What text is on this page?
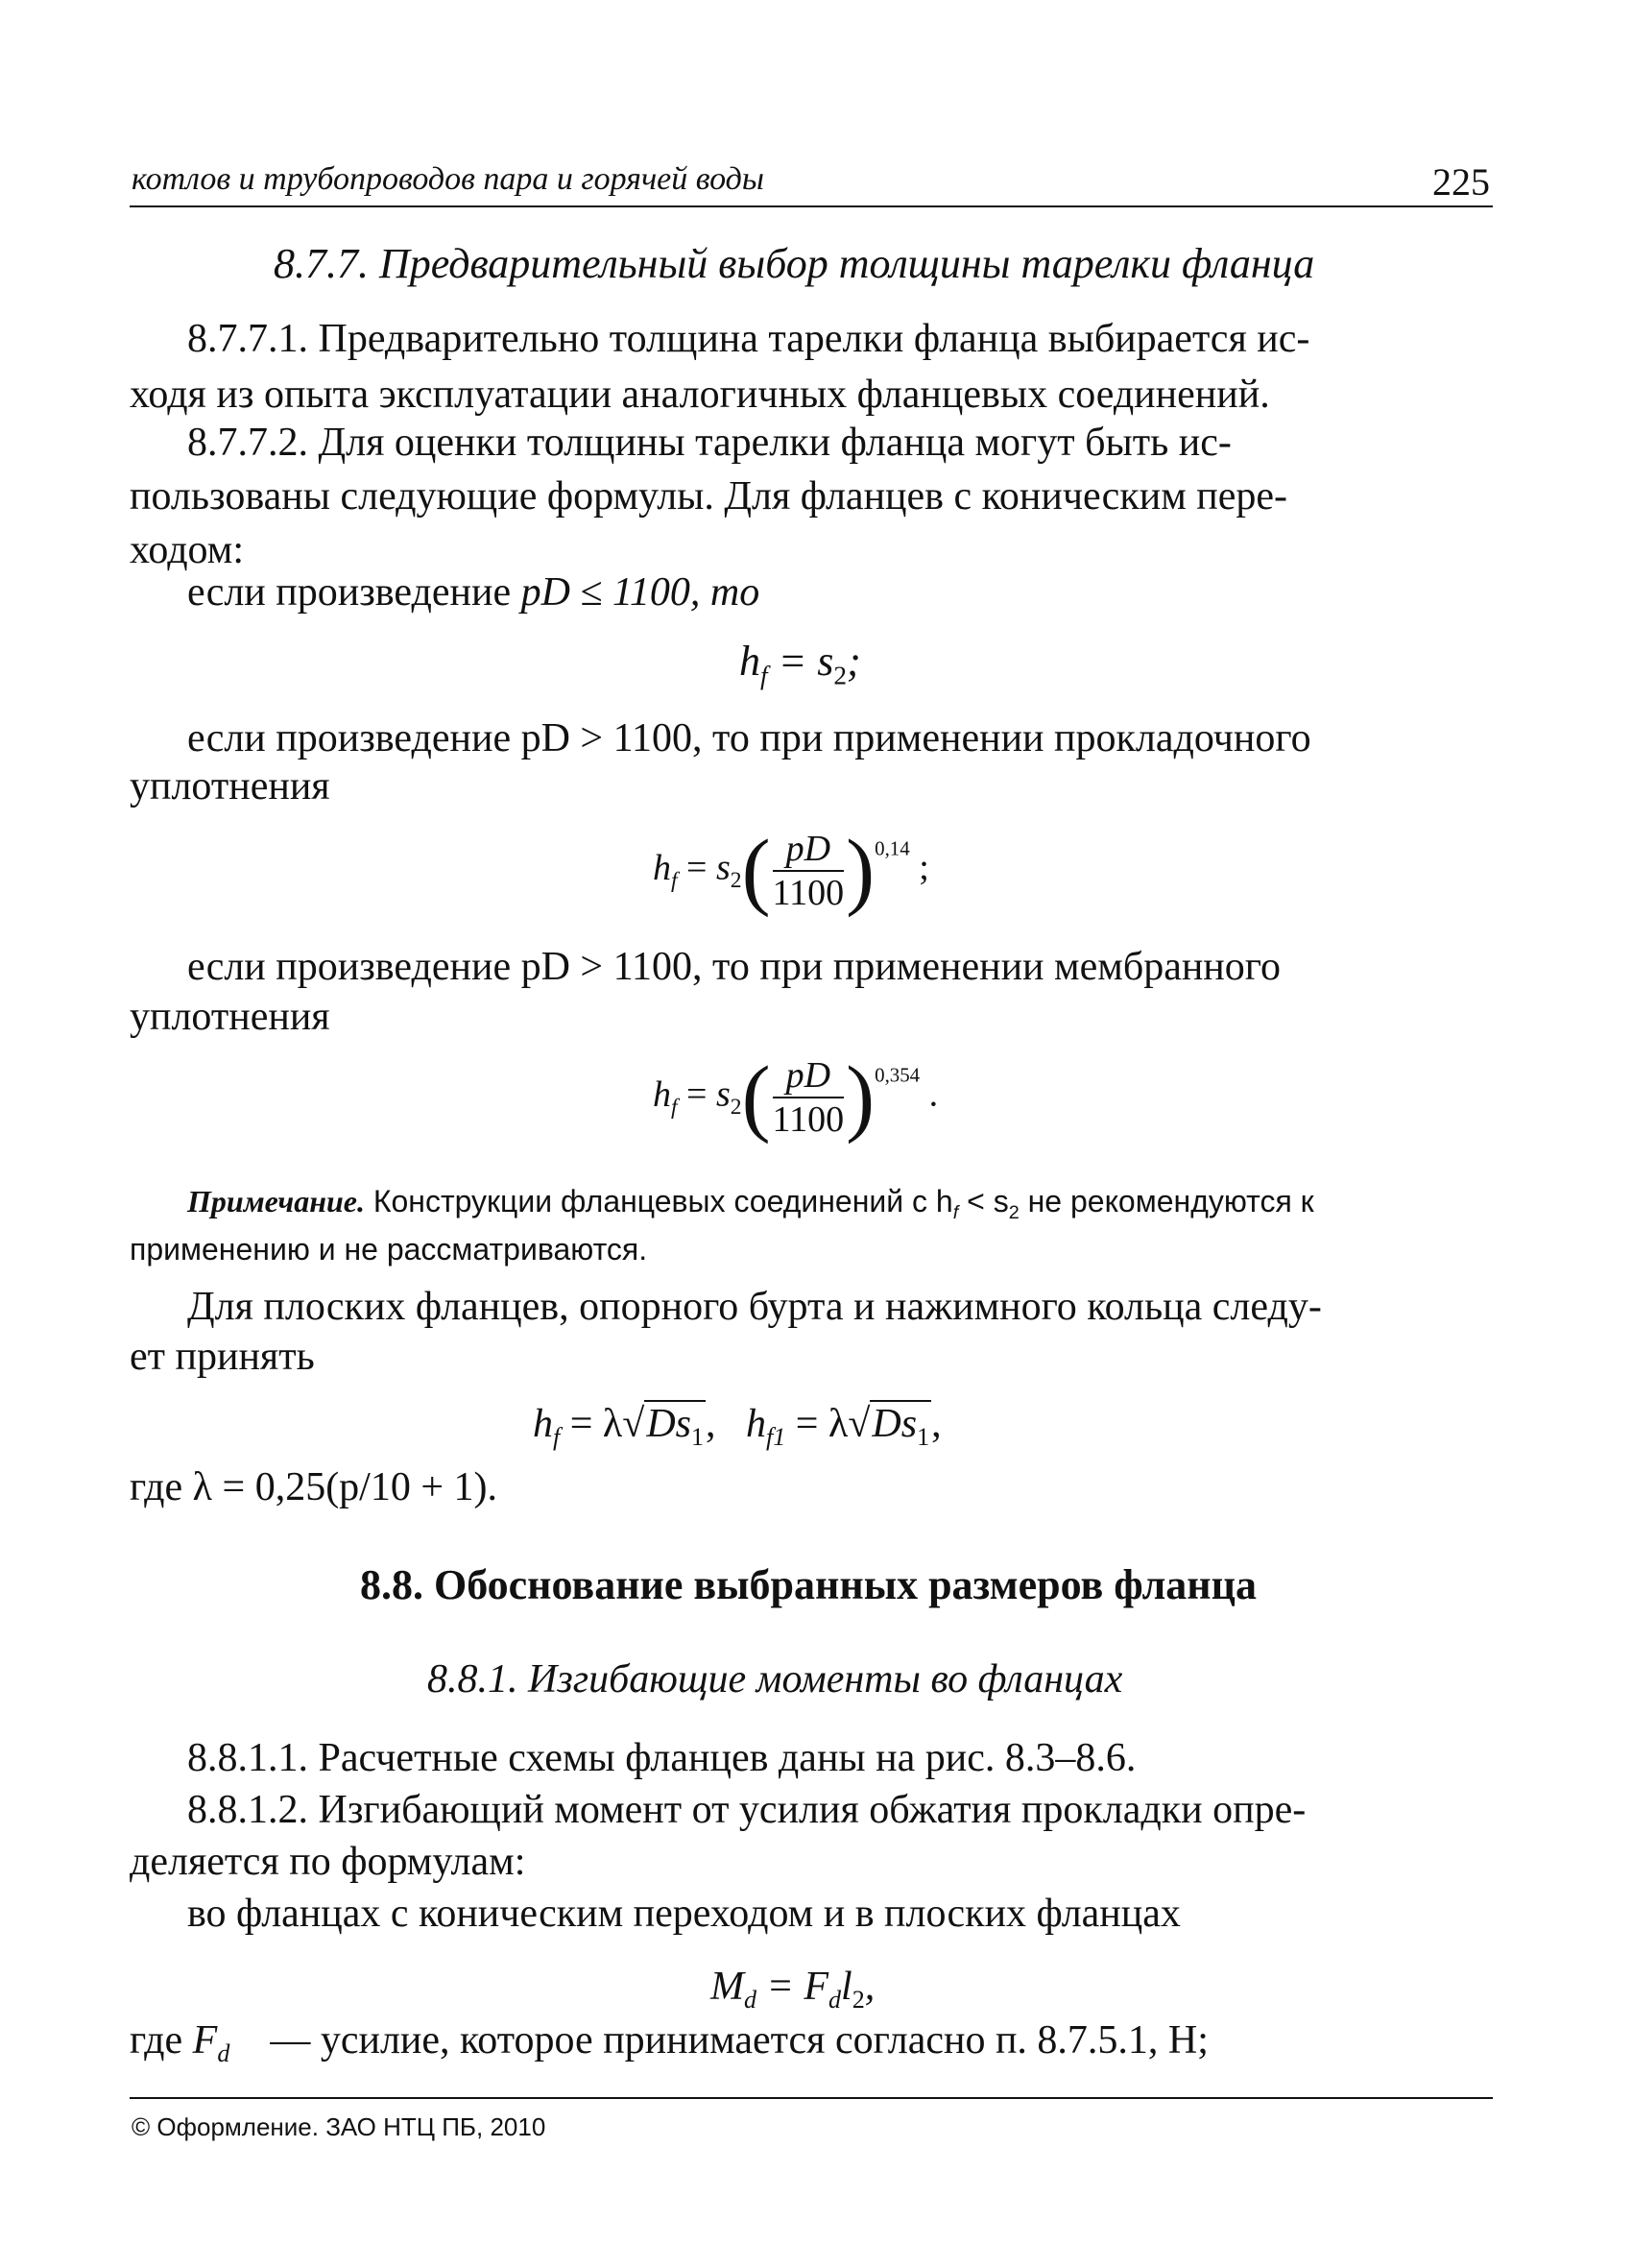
котлов и трубопроводов пара и горячей воды	225
8.7.7. Предварительный выбор толщины тарелки фланца
8.7.7.1. Предварительно толщина тарелки фланца выбирается ис-
ходя из опыта эксплуатации аналогичных фланцевых соединений.
8.7.7.2. Для оценки толщины тарелки фланца могут быть ис-
пользованы следующие формулы. Для фланцев с коническим пере-
ходом:
если произведение pD ≤ 1100, то
$h_f = s_2$;
если произведение pD > 1100, то при применении прокладочного
уплотнения
$h_f = s_2( \frac{pD}{1100} )^{0,14}$ ;
если произведение pD > 1100, то при применении мембранного
уплотнения
$h_f = s_2( \frac{pD}{1100} )^{0,354}$ .
Примечание. Конструкции фланцевых соединений с $h_f < s_2$ не рекомендуются к
применению и не рассматриваются.
Для плоских фланцев, опорного бурта и нажимного кольца следу-
ет принять
$h_f = \lambda√Ds_1$,   $h_{f1} = \lambda√Ds_1$,
где λ = 0,25(p/10 + 1).
8.8. Обоснование выбранных размеров фланца
8.8.1. Изгибающие моменты во фланцах
8.8.1.1. Расчетные схемы фланцев даны на рис. 8.3–8.6.
8.8.1.2. Изгибающий момент от усилия обжатия прокладки опре-
деляется по формулам:
во фланцах с коническим переходом и в плоских фланцах
$M_d = F_dl_2$,
где $F_d$ — усилие, которое принимается согласно п. 8.7.5.1, Н;
© Оформление. ЗАО НТЦ ПБ, 2010
